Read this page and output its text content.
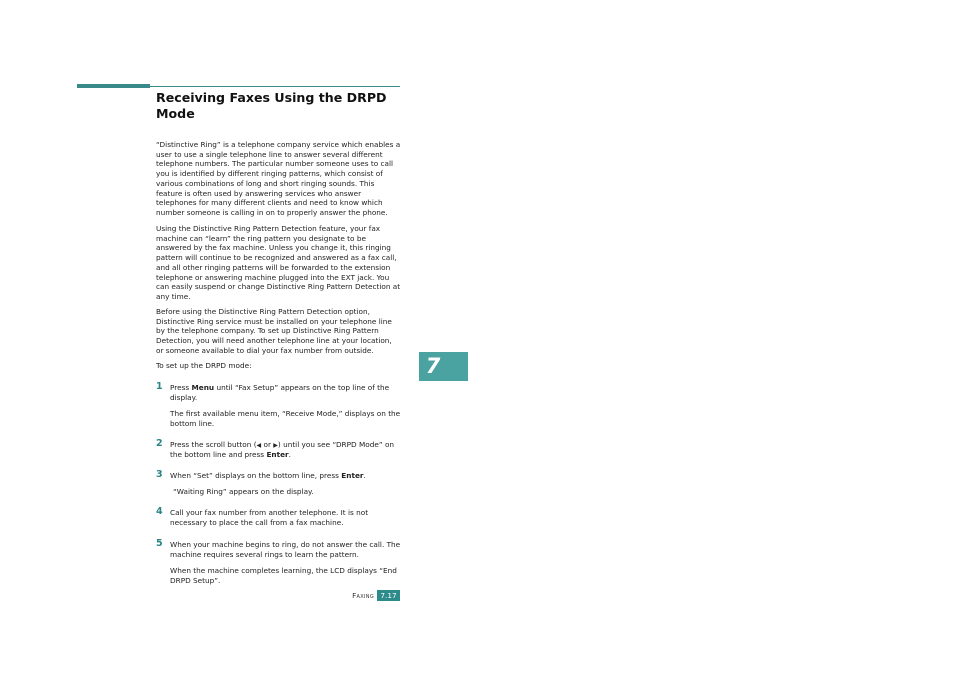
Receiving Faxes Using the DRPD Mode

“Distinctive Ring” is a telephone company service which enables a user to use a single telephone line to answer several different telephone numbers. The particular number someone uses to call you is identified by different ringing patterns, which consist of various combinations of long and short ringing sounds. This feature is often used by answering services who answer telephones for many different clients and need to know which number someone is calling in on to properly answer the phone.

Using the Distinctive Ring Pattern Detection feature, your fax machine can “learn” the ring pattern you designate to be answered by the fax machine. Unless you change it, this ringing pattern will continue to be recognized and answered as a fax call, and all other ringing patterns will be forwarded to the extension telephone or answering machine plugged into the EXT jack. You can easily suspend or change Distinctive Ring Pattern Detection at any time.

Before using the Distinctive Ring Pattern Detection option, Distinctive Ring service must be installed on your telephone line by the telephone company. To set up Distinctive Ring Pattern Detection, you will need another telephone line at your location, or someone available to dial your fax number from outside.

To set up the DRPD mode:

1 Press Menu until “Fax Setup” appears on the top line of the display.

The first available menu item, “Receive Mode,” displays on the bottom line.

2 Press the scroll button (◀ or ▶) until you see “DRPD Mode” on the bottom line and press Enter.

3 When “Set” displays on the bottom line, press Enter.

“Waiting Ring” appears on the display.

4 Call your fax number from another telephone. It is not necessary to place the call from a fax machine.

5 When your machine begins to ring, do not answer the call. The machine requires several rings to learn the pattern.

When the machine completes learning, the LCD displays “End DRPD Setup”.

7
Faxing 7.17
